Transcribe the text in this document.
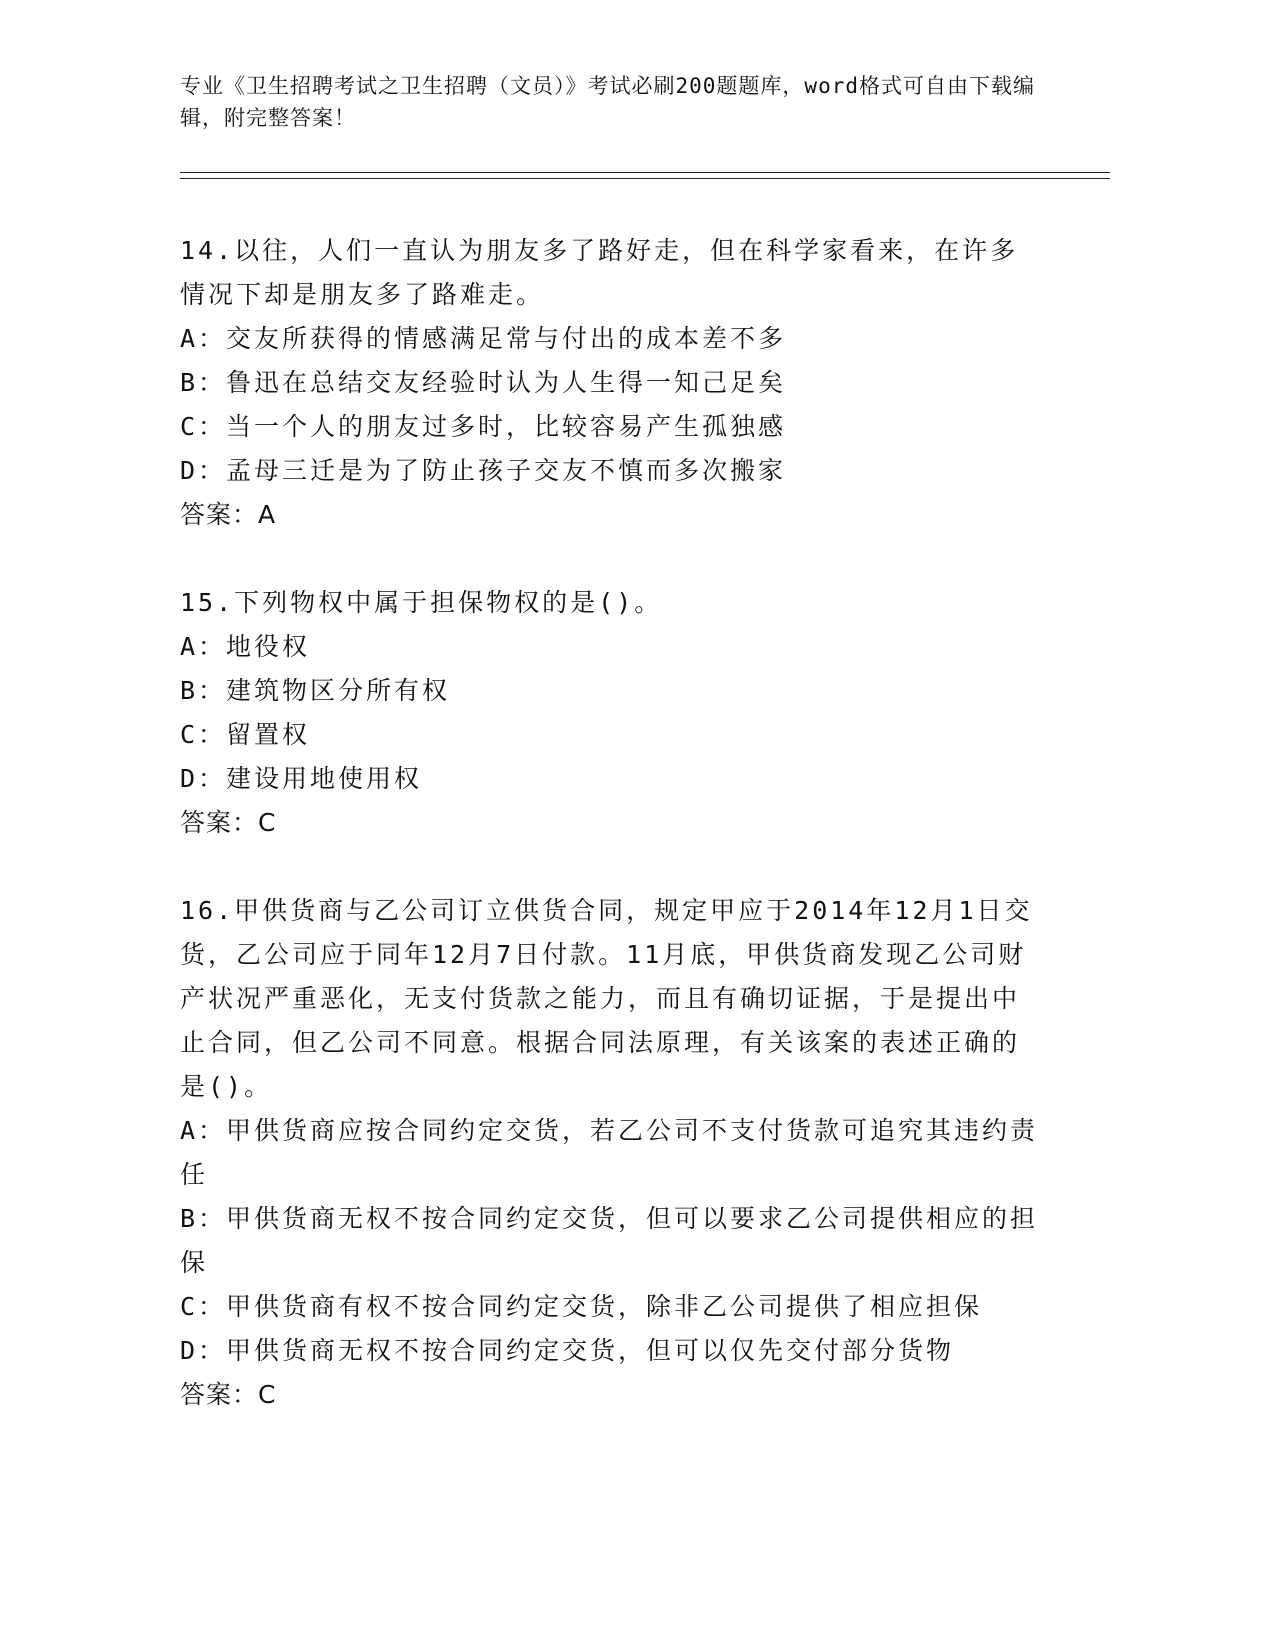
专业《卫生招聘考试之卫生招聘（文员）》考试必刷200题题库，word格式可自由下载编辑，附完整答案！
14.以往，人们一直认为朋友多了路好走，但在科学家看来，在许多情况下却是朋友多了路难走。
A：交友所获得的情感满足常与付出的成本差不多
B：鲁迅在总结交友经验时认为人生得一知己足矣
C：当一个人的朋友过多时，比较容易产生孤独感
D：孟母三迁是为了防止孩子交友不慎而多次搬家
答案：A
15.下列物权中属于担保物权的是()。
A：地役权
B：建筑物区分所有权
C：留置权
D：建设用地使用权
答案：C
16.甲供货商与乙公司订立供货合同，规定甲应于2014年12月1日交货，乙公司应于同年12月7日付款。11月底，甲供货商发现乙公司财产状况严重恶化，无支付货款之能力，而且有确切证据，于是提出中止合同，但乙公司不同意。根据合同法原理，有关该案的表述正确的是()。
A：甲供货商应按合同约定交货，若乙公司不支付货款可追究其违约责任
B：甲供货商无权不按合同约定交货，但可以要求乙公司提供相应的担保
C：甲供货商有权不按合同约定交货，除非乙公司提供了相应担保
D：甲供货商无权不按合同约定交货，但可以仅先交付部分货物
答案：C
